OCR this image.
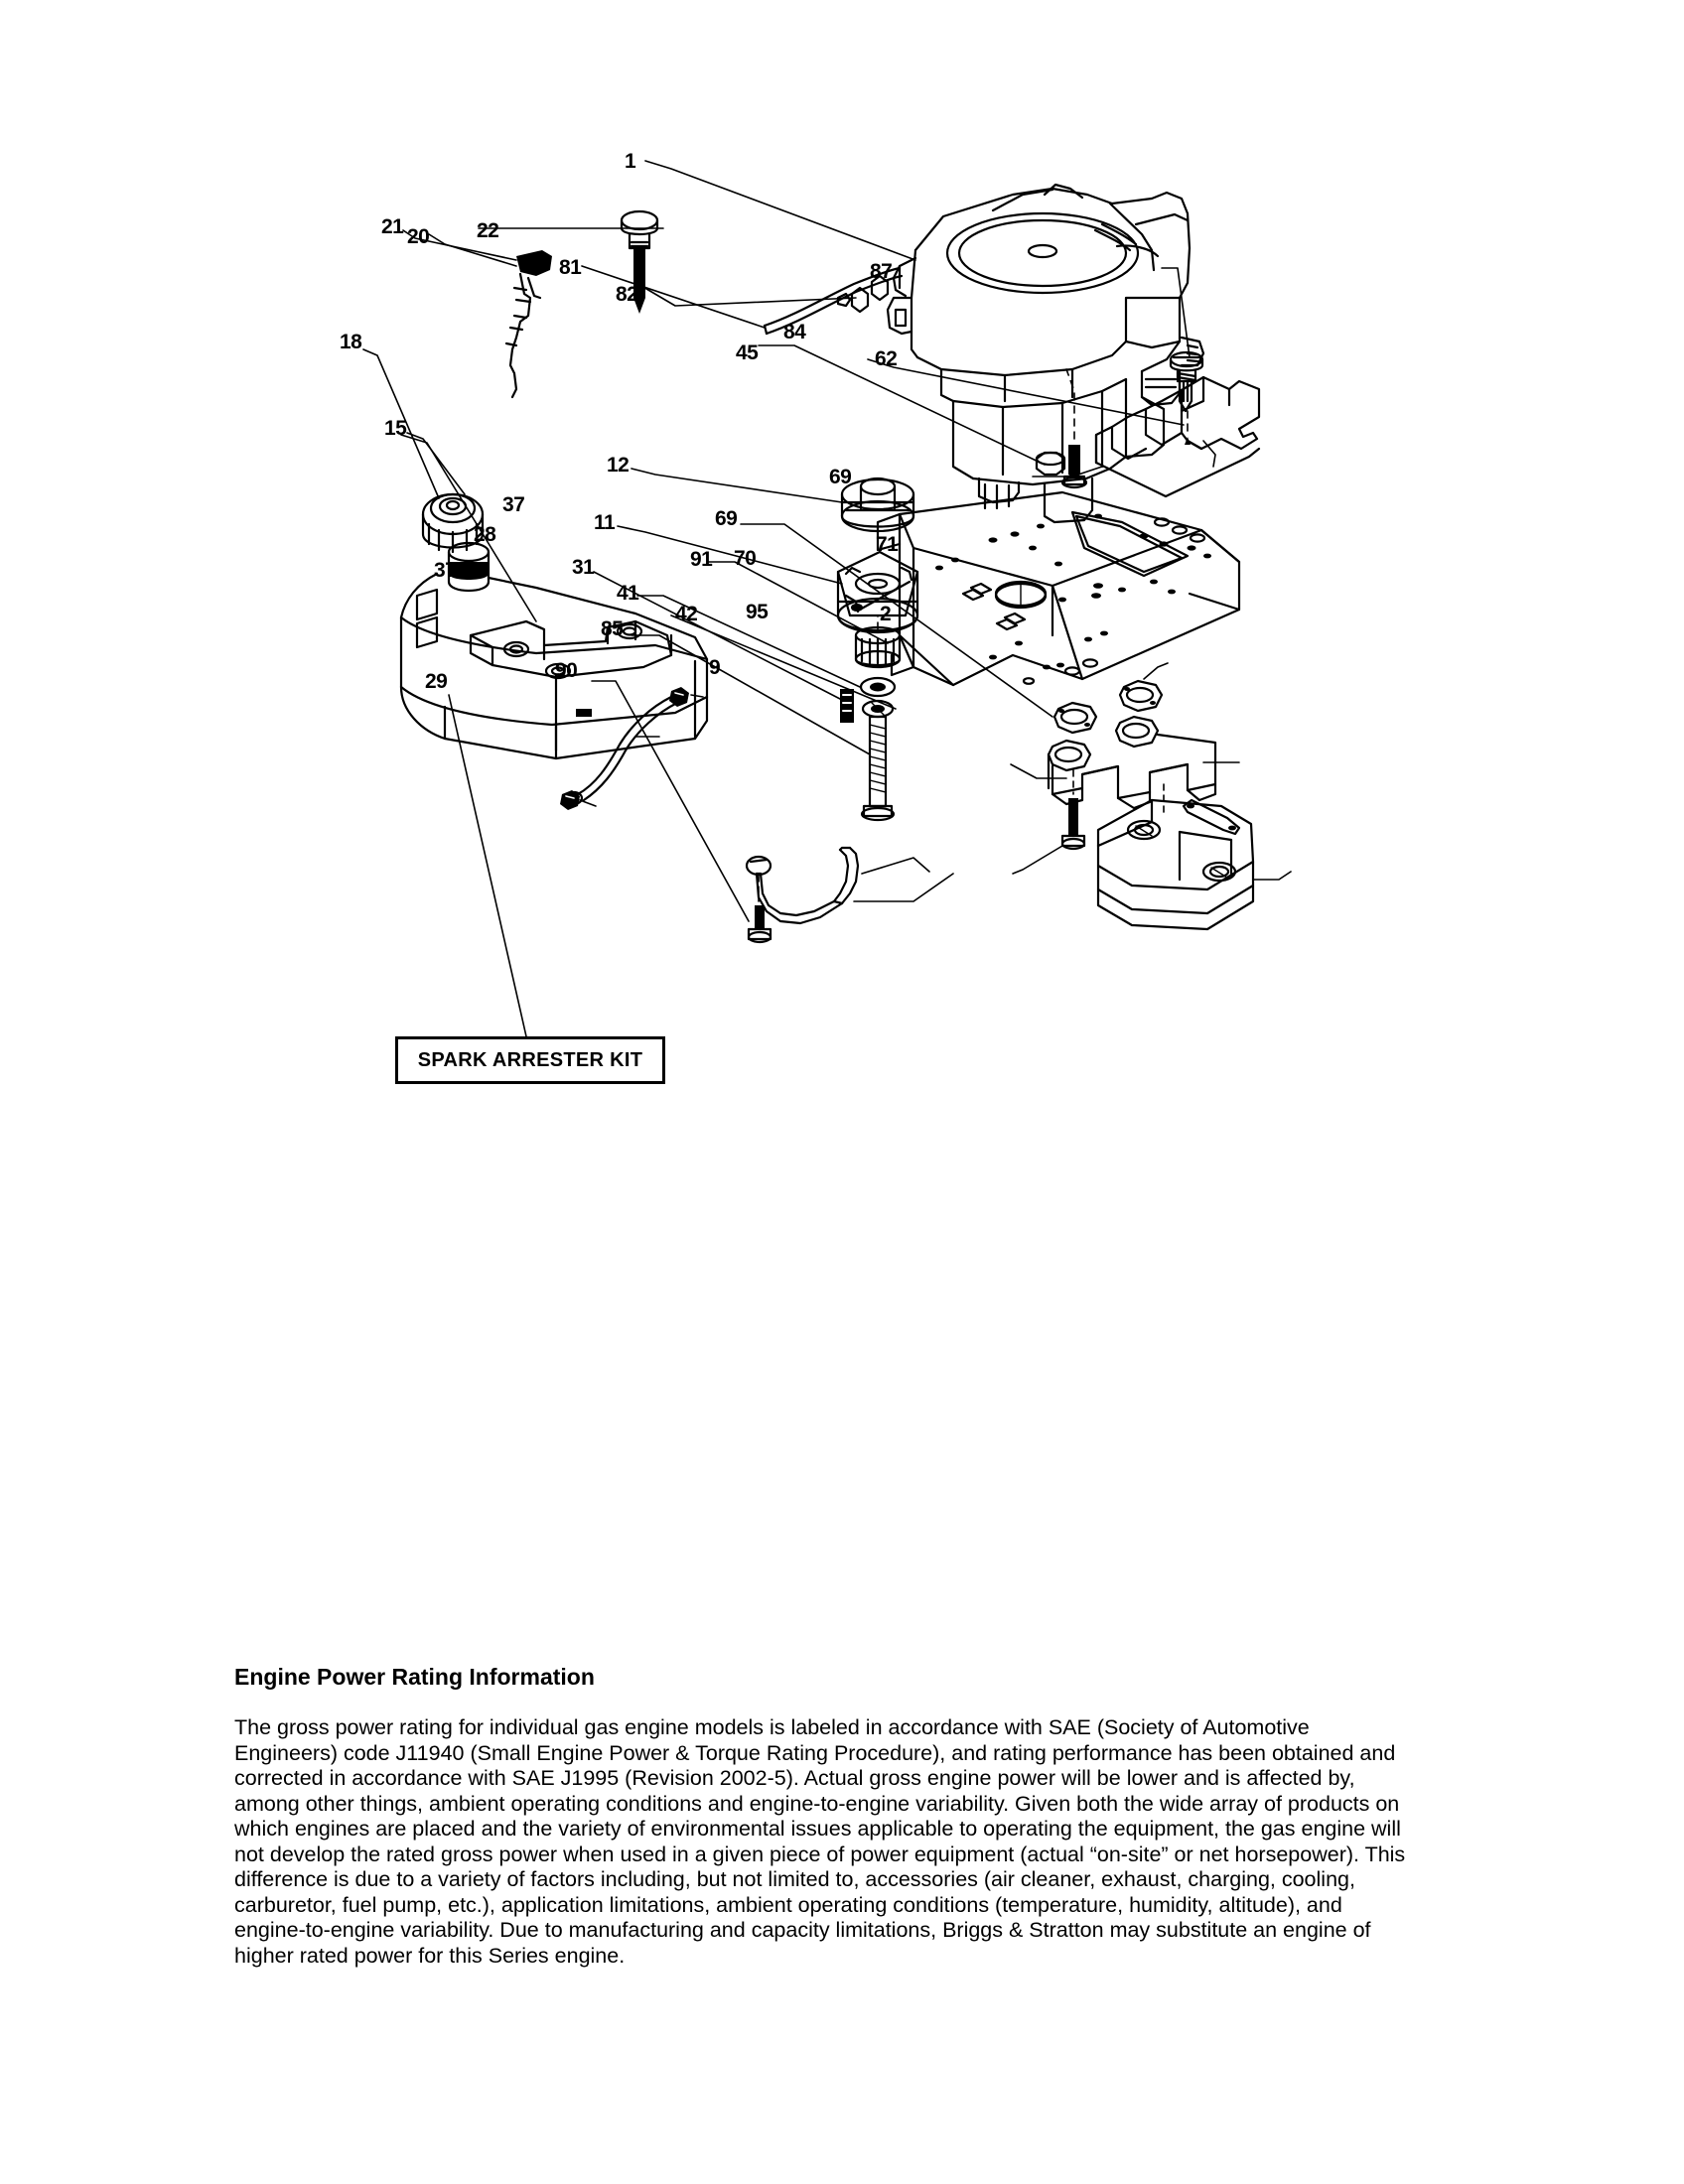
1
21 20 22
81
82
87
84
45	62
18
15
12
11
69
69
71
70
37
28
37	31	91
41
42 95	2
85
90	9
29
SPARK ARRESTER KIT
Engine Power Rating Information

The gross power rating for individual gas engine models is labeled in accordance with SAE (Society of Automotive Engineers) code J11940 (Small Engine Power & Torque Rating Procedure), and rating performance has been obtained and corrected in accordance with SAE J1995 (Revision 2002-5). Actual gross engine power will be lower and is affected by, among other things, ambient operating conditions and engine-to-engine variability. Given both the wide array of products on which engines are placed and the variety of environmental issues applicable to operating the equipment, the gas engine will not develop the rated gross power when used in a given piece of power equipment (actual “on-site” or net horsepower). This difference is due to a variety of factors including, but not limited to, accessories (air cleaner, exhaust, charging, cooling, carburetor, fuel pump, etc.), application limitations, ambient operating conditions (temperature, humidity, altitude), and engine-to-engine variability. Due to manufacturing and capacity limitations, Briggs & Stratton may substitute an engine of higher rated power for this Series engine.
